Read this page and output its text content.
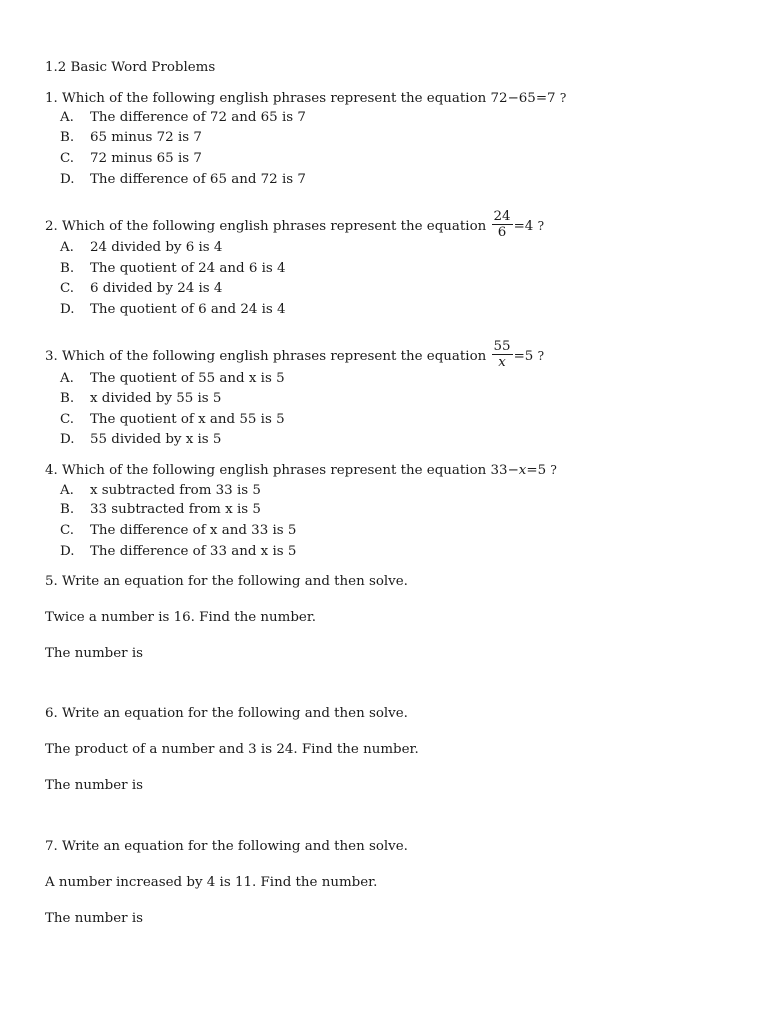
1.2 Basic Word Problems
1. Which of the following english phrases represent the equation 72−65=7 ?
A. The difference of 72 and 65 is 7
B. 65 minus 72 is 7
C. 72 minus 65 is 7
D. The difference of 65 and 72 is 7
2. Which of the following english phrases represent the equation $\frac{24}{6} =4$ ?
A. 24 divided by 6 is 4
B. The quotient of 24 and 6 is 4
C. 6 divided by 24 is 4
D. The quotient of 6 and 24 is 4
3. Which of the following english phrases represent the equation $\frac{55}{x} =5$ ?
A. The quotient of 55 and x is 5
B. x divided by 55 is 5
C. The quotient of x and 55 is 5
D. 55 divided by x is 5
4. Which of the following english phrases represent the equation 33−x=5 ?
A. x subtracted from 33 is 5
B. 33 subtracted from x is 5
C. The difference of x and 33 is 5
D. The difference of 33 and x is 5
5. Write an equation for the following and then solve.
Twice a number is 16. Find the number.
The number is
6. Write an equation for the following and then solve.
The product of a number and 3 is 24. Find the number.
The number is
7. Write an equation for the following and then solve.
A number increased by 4 is 11. Find the number.
The number is
